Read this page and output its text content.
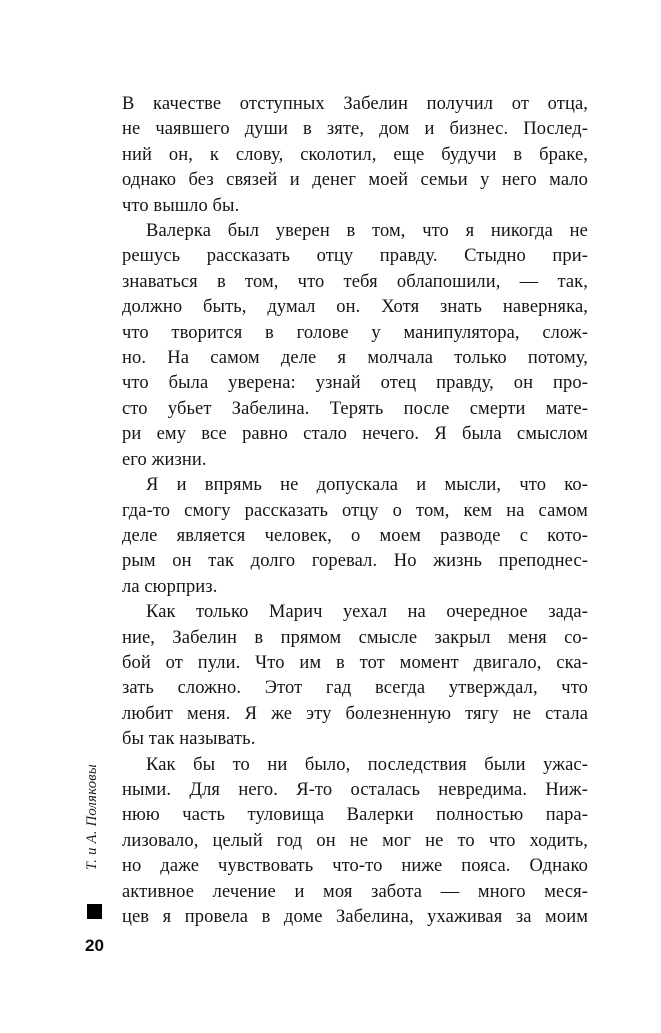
В качестве отступных Забелин получил от отца,
не чаявшего души в зяте, дом и бизнес. Послед-
ний он, к слову, сколотил, еще будучи в браке,
однако без связей и денег моей семьи у него мало
что вышло бы.

Валерка был уверен в том, что я никогда не
решусь рассказать отцу правду. Стыдно при-
знаваться в том, что тебя облапошили, — так,
должно быть, думал он. Хотя знать наверняка,
что творится в голове у манипулятора, слож-
но. На самом деле я молчала только потому,
что была уверена: узнай отец правду, он про-
сто убьет Забелина. Терять после смерти мате-
ри ему все равно стало нечего. Я была смыслом
его жизни.

Я и впрямь не допускала и мысли, что ко-
гда-то смогу рассказать отцу о том, кем на самом
деле является человек, о моем разводе с кото-
рым он так долго горевал. Но жизнь преподнес-
ла сюрприз.

Как только Марич уехал на очередное зада-
ние, Забелин в прямом смысле закрыл меня со-
бой от пули. Что им в тот момент двигало, ска-
зать сложно. Этот гад всегда утверждал, что
любит меня. Я же эту болезненную тягу не стала
бы так называть.

Как бы то ни было, последствия были ужас-
ными. Для него. Я-то осталась невредима. Ниж-
нюю часть туловища Валерки полностью пара-
лизовало, целый год он не мог не то что ходить,
но даже чувствовать что-то ниже пояса. Однако
активное лечение и моя забота — много меся-
цев я провела в доме Забелина, ухаживая за моим

Т. и А. Поляковы
20
